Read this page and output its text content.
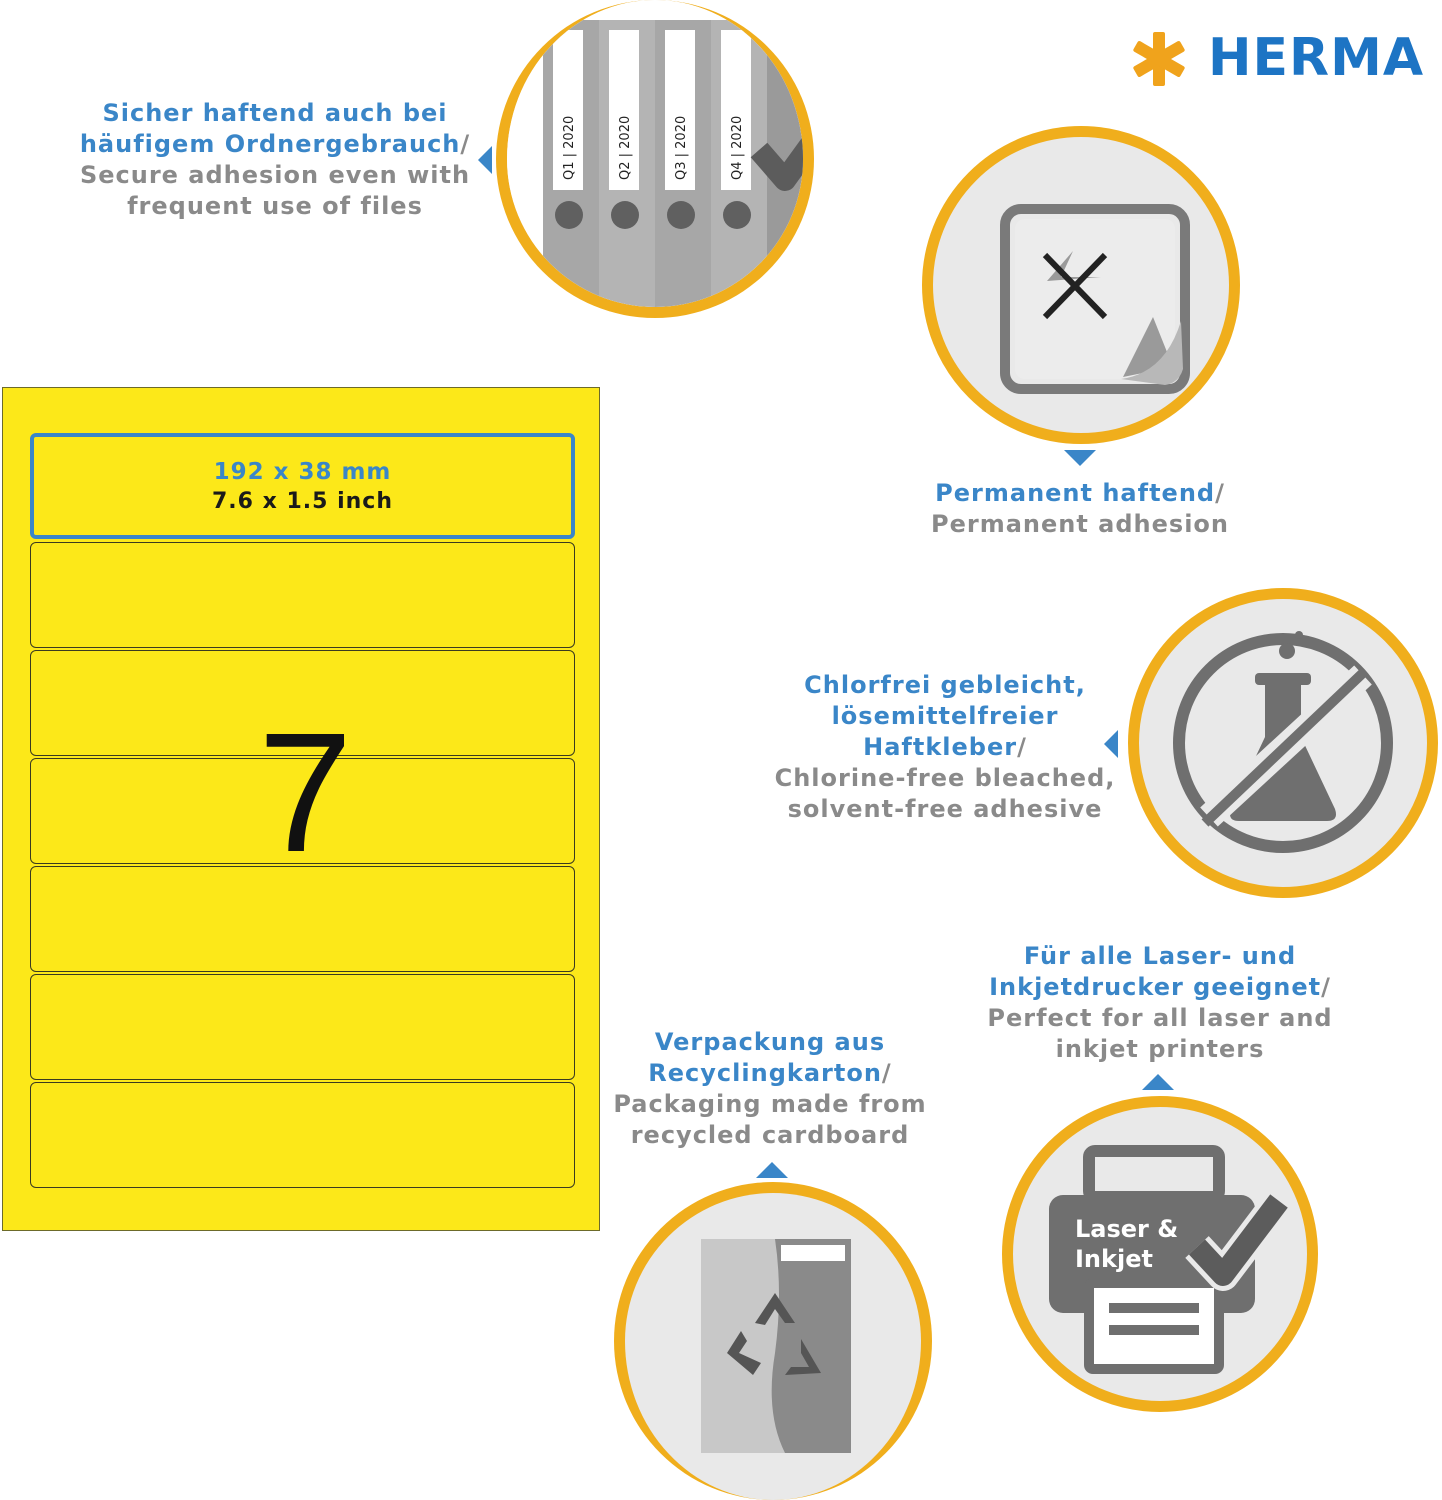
HERMA
Sicher haftend auch bei
häufigem Ordnergebrauch/
Secure adhesion even with
frequent use of files
Q1 | 2020	Q2 | 2020	Q3 | 2020	Q4 | 2020
Permanent haftend/
Permanent adhesion
Chlorfrei gebleicht,
lösemittelfreier
Haftkleber/
Chlorine-free bleached,
solvent-free adhesive
Für alle Laser- und
Inkjetdrucker geeignet/
Perfect for all laser and
inkjet printers
Laser &
Inkjet
Verpackung aus
Recyclingkarton/
Packaging made from
recycled cardboard
192 x 38 mm
7.6 x 1.5 inch
7
